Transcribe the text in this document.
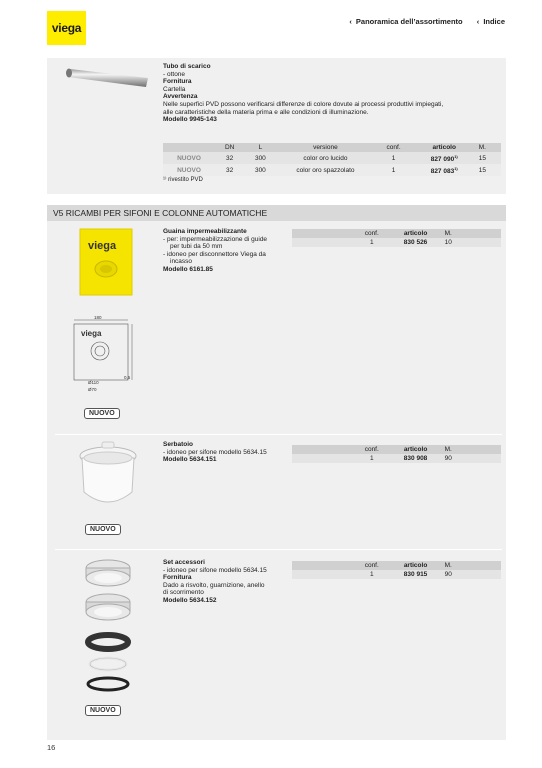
viega	‹ Panoramica dell’assortimento ‹ Indice
Tubo di scarico
- ottone
Fornitura
Cartella
Avvertenza
Nelle superfici PVD possono verificarsi differenze di colore dovute ai processi produttivi impiegati,
alle caratteristiche della materia prima e alle condizioni di illuminazione.
Modello 9945-143
	DN	L	versione	conf.	articolo	M.
NUOVO	32	300	color oro lucido	1	827 090$^{1)}$	15
NUOVO	32	300	color oro spazzolato	1	827 083$^{1)}$	15
¹⁾ rivestito PVD
V5 RICAMBI PER SIFONI E COLONNE AUTOMATICHE
viega
180
viega
0,5
Ø110
Ø70
NUOVO
Guaina impermeabilizzante
- per: impermeabilizzazione di guide
per tubi da 50 mm
- idoneo per disconnettore Viega da
incasso
Modello 6161.85
	conf.	articolo	M.	
	1	830 526	10	
NUOVO
Serbatoio
- idoneo per sifone modello 5634.15
Modello 5634.151
	conf.	articolo	M.	
	1	830 908	90	
NUOVO
Set accessori
- idoneo per sifone modello 5634.15
Fornitura
Dado a risvolto, guarnizione, anello
di scorrimento
Modello 5634.152
	conf.	articolo	M.	
	1	830 915	90	
16
